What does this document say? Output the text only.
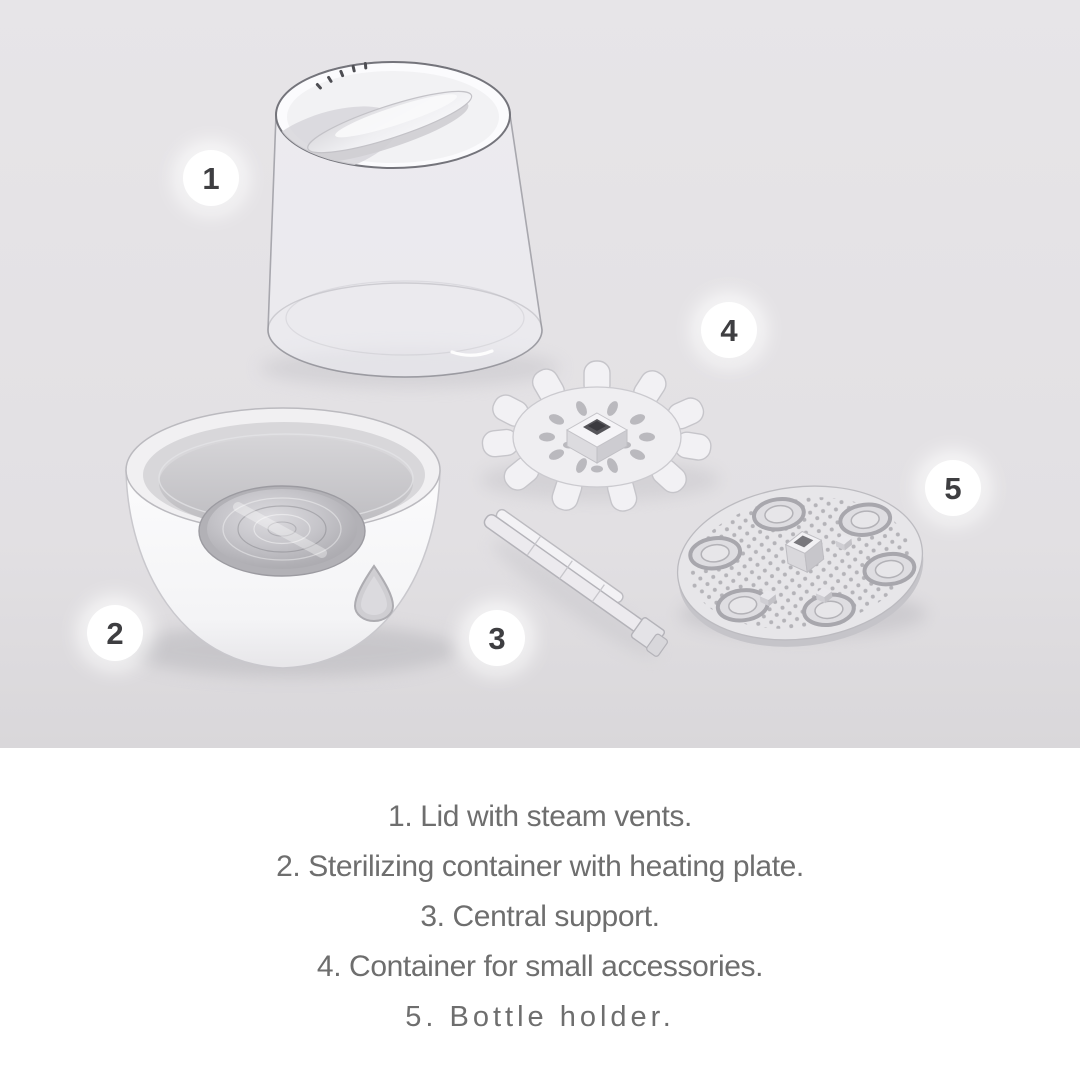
1
2	3
4
5

1. Lid with steam vents.

2. Sterilizing container with heating plate.

3. Central support.

4. Container for small accessories.

5. Bottle holder.
